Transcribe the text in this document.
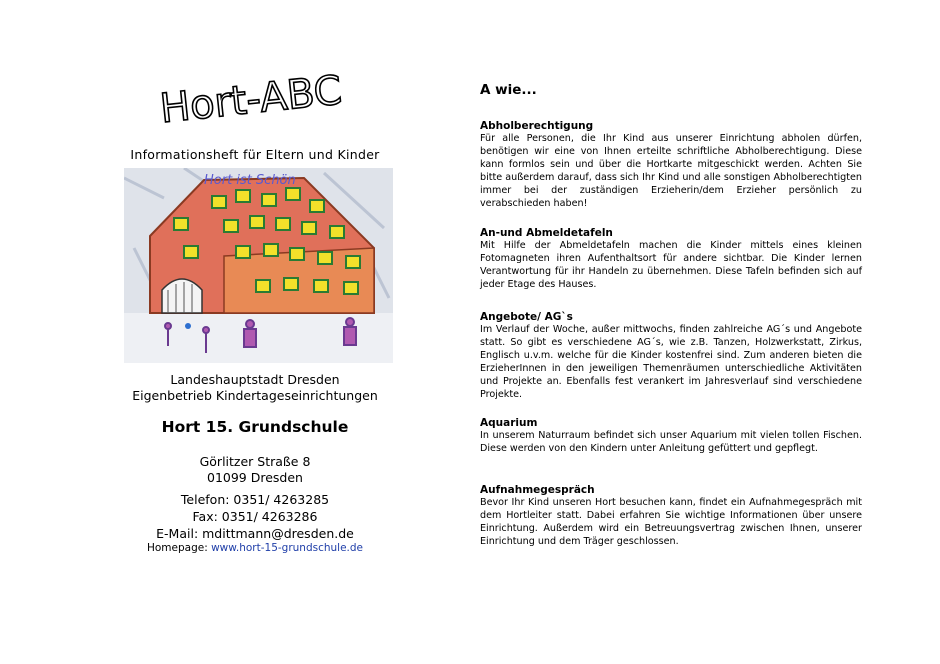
Hort-ABC
Informationsheft für Eltern und Kinder
Hort ist Schön
Landeshauptstadt Dresden
Eigenbetrieb Kindertageseinrichtungen
Hort 15. Grundschule
Görlitzer Straße 8
01099 Dresden
Telefon: 0351/ 4263285
Fax: 0351/ 4263286
E-Mail: mdittmann@dresden.de
Homepage: www.hort-15-grundschule.de
A wie...
Abholberechtigung
Für alle Personen, die Ihr Kind aus unserer Einrichtung abholen dürfen, benötigen wir eine von Ihnen erteilte schriftliche Abholberechtigung. Diese kann formlos sein und über die Hortkarte mitgeschickt werden. Achten Sie bitte außerdem darauf, dass sich Ihr Kind und alle sonstigen Abholberechtigten immer bei der zuständigen Erzieherin/dem Erzieher persönlich zu verabschieden haben!
An-und Abmeldetafeln
Mit Hilfe der Abmeldetafeln machen die Kinder mittels eines kleinen Fotomagneten ihren Aufenthaltsort für andere sichtbar. Die Kinder lernen Verantwortung für ihr Handeln zu übernehmen. Diese Tafeln befinden sich auf jeder Etage des Hauses.
Angebote/ AG`s
Im Verlauf der Woche, außer mittwochs, finden zahlreiche AG´s und Angebote statt. So gibt es verschiedene AG´s, wie z.B. Tanzen, Holzwerkstatt, Zirkus, Englisch u.v.m. welche für die Kinder kostenfrei sind. Zum anderen bieten die ErzieherInnen in den jeweiligen Themenräumen unterschiedliche Aktivitäten und Projekte an. Ebenfalls fest verankert im Jahresverlauf sind verschiedene Projekte.
Aquarium
In unserem Naturraum befindet sich unser Aquarium mit vielen tollen Fischen. Diese werden von den Kindern unter Anleitung gefüttert und gepflegt.
Aufnahmegespräch
Bevor Ihr Kind unseren Hort besuchen kann, findet ein Aufnahmegespräch mit dem Hortleiter statt. Dabei erfahren Sie wichtige Informationen über unsere Einrichtung. Außerdem wird ein Betreuungsvertrag zwischen Ihnen, unserer Einrichtung und dem Träger geschlossen.
